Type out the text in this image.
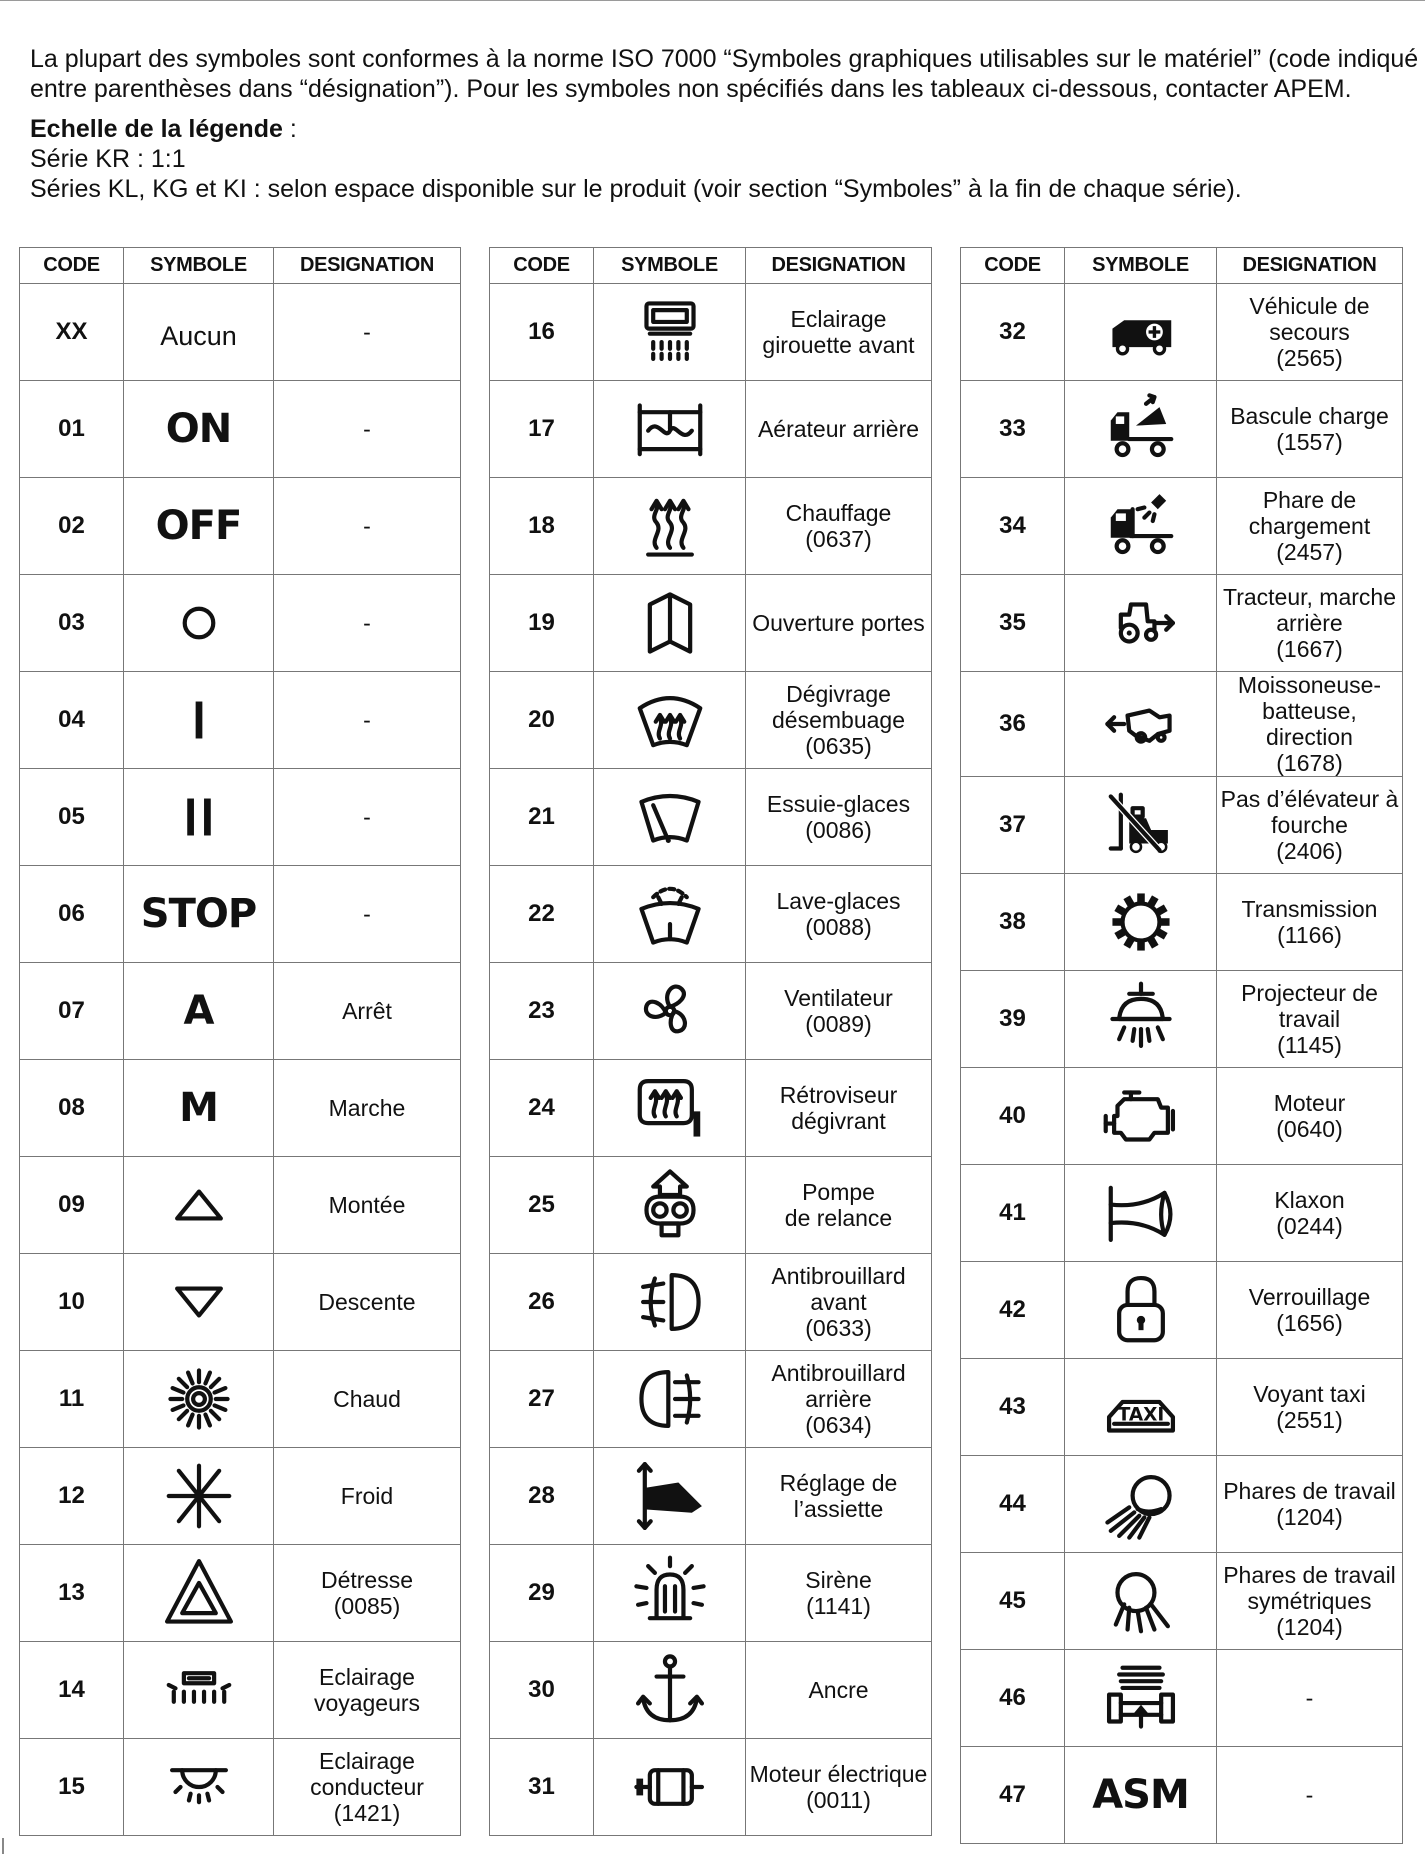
La plupart des symboles sont conformes à la norme ISO 7000 “Symboles graphiques utilisables sur le matériel” (code indiqué

entre parenthèses dans “désignation”). Pour les symboles non spécifiés dans les tableaux ci-dessous, contacter APEM.

Echelle de la légende :

Série KR : 1:1

Séries KL, KG et KI : selon espace disponible sur le produit (voir section “Symboles” à la fin de chaque série).

CODE	SYMBOLE	DESIGNATION
XX	Aucun	-
01	ON	-
02	OFF	-
03		-
04		-
05		-
06	STOP	-
07	A	Arrêt
08	M	Marche
09		Montée
10		Descente
11		Chaud
12		Froid
13		Détresse
(0085)
14		Eclairage
voyageurs
15		Eclairage
conducteur
(1421)
CODE	SYMBOLE	DESIGNATION
16		Eclairage
girouette avant
17		Aérateur arrière
18		Chauffage
(0637)
19		Ouverture portes
20		Dégivrage
désembuage
(0635)
21		Essuie-glaces
(0086)
22		Lave-glaces
(0088)
23		Ventilateur
(0089)
24		Rétroviseur
dégivrant
25		Pompe
de relance
26		Antibrouillard
avant
(0633)
27		Antibrouillard
arrière
(0634)
28		Réglage de
l’assiette
29		Sirène
(1141)
30		Ancre
31		Moteur électrique
(0011)
CODE	SYMBOLE	DESIGNATION
32		Véhicule de
secours
(2565)
33		Bascule charge
(1557)
34		Phare de
chargement
(2457)
35		Tracteur, marche
arrière
(1667)
36		Moissoneuse-
batteuse, direction
(1678)
37		Pas d’élévateur à
fourche
(2406)
38		Transmission
(1166)
39		Projecteur de
travail
(1145)
40		Moteur
(0640)
41		Klaxon
(0244)
42		Verrouillage
(1656)
43	TAXI	Voyant taxi
(2551)
44		Phares de travail
(1204)
45		Phares de travail
symétriques
(1204)
46		-
47	ASM	-
